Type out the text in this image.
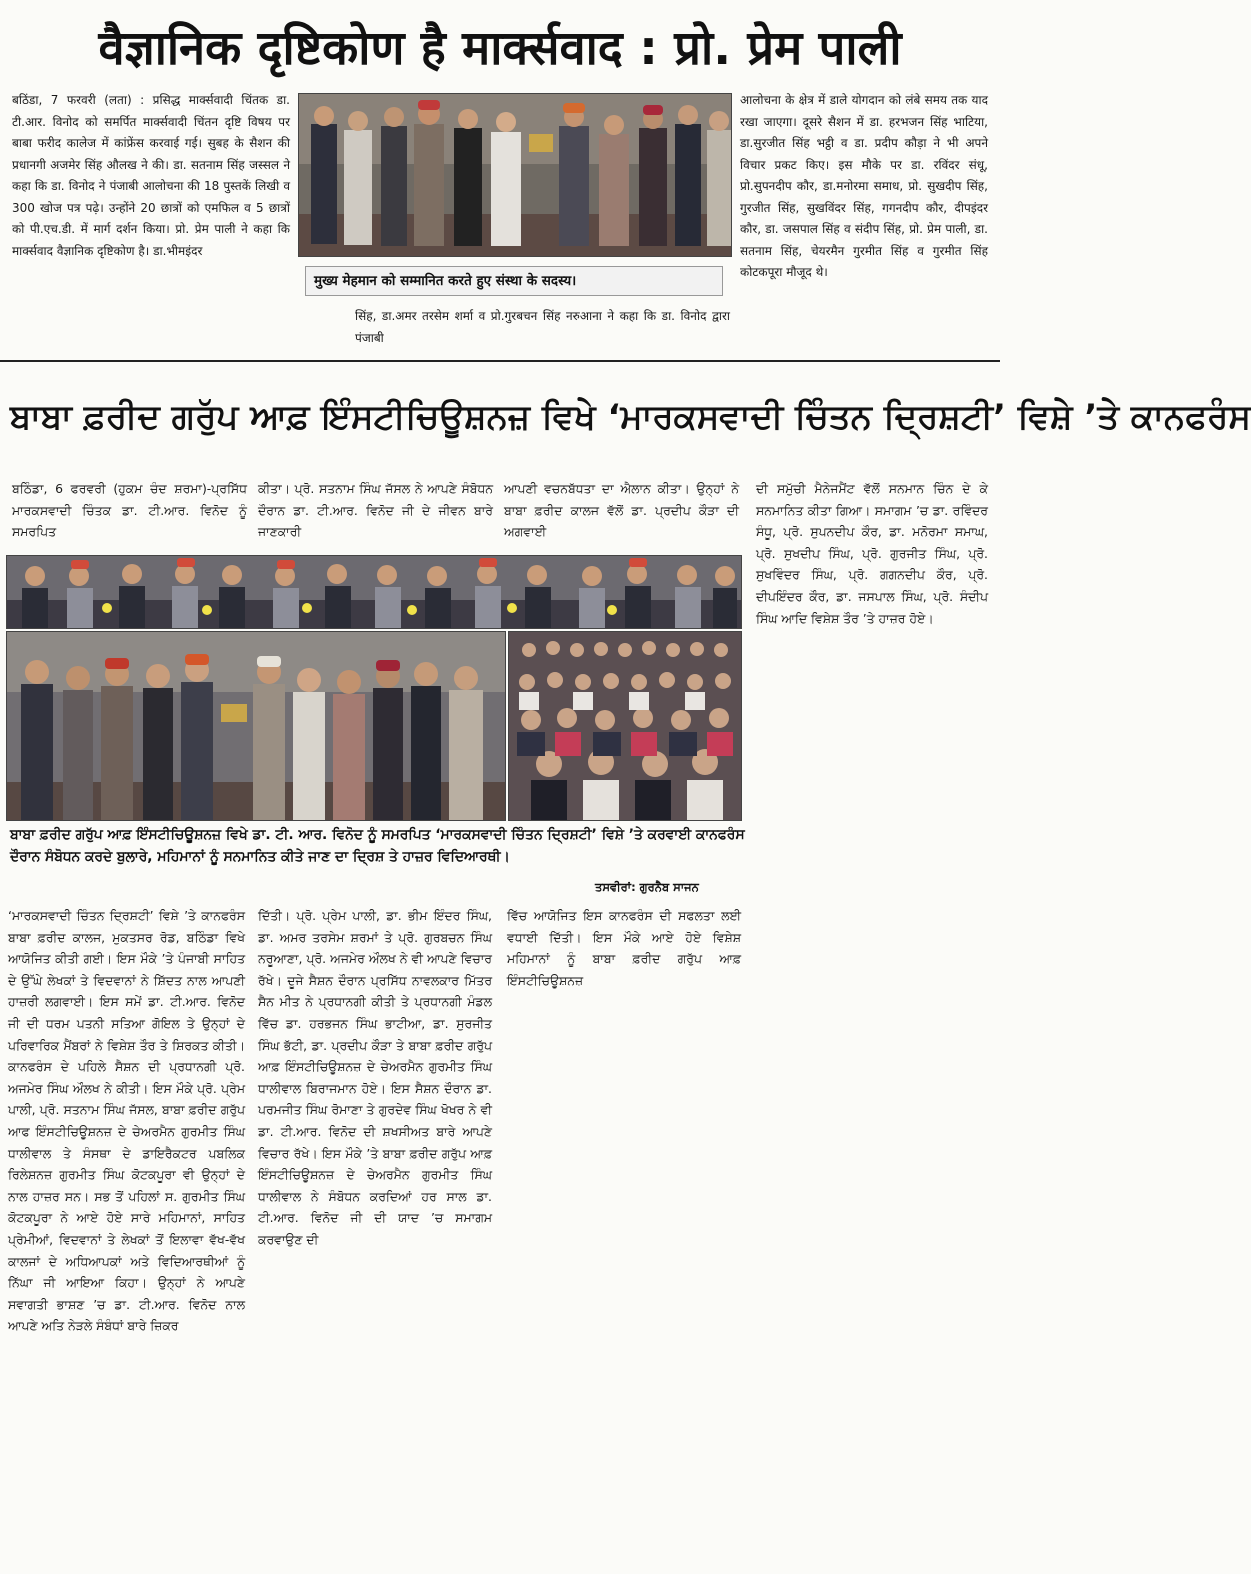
वैज्ञानिक दृष्टिकोण है मार्क्सवाद : प्रो. प्रेम पाली
बठिंडा, 7 फरवरी (लता) : प्रसिद्ध मार्क्सवादी चिंतक डा. टी.आर. विनोद को समर्पित मार्क्सवादी चिंतन दृष्टि विषय पर बाबा फरीद कालेज में कांफ्रेंस करवाई गई। सुबह के सैशन की प्रधानगी अजमेर सिंह औलख ने की। डा. सतनाम सिंह जस्सल ने कहा कि डा. विनोद ने पंजाबी आलोचना की 18 पुस्तकें लिखी व 300 खोज पत्र पढ़े। उन्होंने 20 छात्रों को एमफिल व 5 छात्रों को पी.एच.डी. में मार्ग दर्शन किया। प्रो. प्रेम पाली ने कहा कि मार्क्सवाद वैज्ञानिक दृष्टिकोण है। डा.भीमइंदर
मुख्य मेहमान को सम्मानित करते हुए संस्था के सदस्य।
सिंह, डा.अमर तरसेम शर्मा व प्रो.गुरबचन सिंह नरुआना ने कहा कि डा. विनोद द्वारा पंजाबी
आलोचना के क्षेत्र में डाले योगदान को लंबे समय तक याद रखा जाएगा। दूसरे सैशन में डा. हरभजन सिंह भाटिया, डा.सुरजीत सिंह भट्ठी व डा. प्रदीप कौड़ा ने भी अपने विचार प्रकट किए। इस मौके पर डा. रविंदर संधू, प्रो.सुपनदीप कौर, डा.मनोरमा समाध, प्रो. सुखदीप सिंह, गुरजीत सिंह, सुखविंदर सिंह, गगनदीप कौर, दीपइंदर कौर, डा. जसपाल सिंह व संदीप सिंह, प्रो. प्रेम पाली, डा. सतनाम सिंह, चेयरमैन गुरमीत सिंह व गुरमीत सिंह कोटकपूरा मौजूद थे।
ਬਾਬਾ ਫ਼ਰੀਦ ਗਰੁੱਪ ਆਫ਼ ਇੰਸਟੀਚਿਊਸ਼ਨਜ਼ ਵਿਖੇ ‘ਮਾਰਕਸਵਾਦੀ ਚਿੰਤਨ ਦ੍ਰਿਸ਼ਟੀ’ ਵਿਸ਼ੇ ’ਤੇ ਕਾਨਫਰੰਸ
ਬਠਿੰਡਾ, 6 ਫਰਵਰੀ (ਹੁਕਮ ਚੰਦ ਸ਼ਰਮਾ)-ਪ੍ਰਸਿੱਧ ਮਾਰਕਸਵਾਦੀ ਚਿੰਤਕ ਡਾ. ਟੀ.ਆਰ. ਵਿਨੋਦ ਨੂੰ ਸਮਰਪਿਤ
ਕੀਤਾ। ਪ੍ਰੋ. ਸਤਨਾਮ ਸਿੰਘ ਜੱਸਲ ਨੇ ਆਪਣੇ ਸੰਬੋਧਨ ਦੌਰਾਨ ਡਾ. ਟੀ.ਆਰ. ਵਿਨੋਦ ਜੀ ਦੇ ਜੀਵਨ ਬਾਰੇ ਜਾਣਕਾਰੀ
ਆਪਣੀ ਵਚਨਬੱਧਤਾ ਦਾ ਐਲਾਨ ਕੀਤਾ। ਉਨ੍ਹਾਂ ਨੇ ਬਾਬਾ ਫ਼ਰੀਦ ਕਾਲਜ ਵੱਲੋਂ ਡਾ. ਪ੍ਰਦੀਪ ਕੌੜਾ ਦੀ ਅਗਵਾਈ
ਦੀ ਸਮੁੱਚੀ ਮੈਨੇਜਮੈਂਟ ਵੱਲੋਂ ਸਨਮਾਨ ਚਿੰਨ ਦੇ ਕੇ ਸਨਮਾਨਿਤ ਕੀਤਾ ਗਿਆ। ਸਮਾਗਮ ’ਚ ਡਾ. ਰਵਿੰਦਰ ਸੰਧੂ, ਪ੍ਰੋ. ਸੁਪਨਦੀਪ ਕੌਰ, ਡਾ. ਮਨੋਰਮਾ ਸਮਾਘ, ਪ੍ਰੋ. ਸੁਖਦੀਪ ਸਿੰਘ, ਪ੍ਰੋ. ਗੁਰਜੀਤ ਸਿੰਘ, ਪ੍ਰੋ. ਸੁਖਵਿੰਦਰ ਸਿੰਘ, ਪ੍ਰੋ. ਗਗਨਦੀਪ ਕੌਰ, ਪ੍ਰੋ. ਦੀਪਇੰਦਰ ਕੌਰ, ਡਾ. ਜਸਪਾਲ ਸਿੰਘ, ਪ੍ਰੋ. ਸੰਦੀਪ ਸਿੰਘ ਆਦਿ ਵਿਸ਼ੇਸ਼ ਤੌਰ ’ਤੇ ਹਾਜ਼ਰ ਹੋਏ।
ਬਾਬਾ ਫ਼ਰੀਦ ਗਰੁੱਪ ਆਫ਼ ਇੰਸਟੀਚਿਊਸ਼ਨਜ਼ ਵਿਖੇ ਡਾ. ਟੀ. ਆਰ. ਵਿਨੋਦ ਨੂੰ ਸਮਰਪਿਤ ‘ਮਾਰਕਸਵਾਦੀ ਚਿੰਤਨ ਦ੍ਰਿਸ਼ਟੀ’ ਵਿਸ਼ੇ ’ਤੇ ਕਰਵਾਈ ਕਾਨਫਰੰਸ ਦੌਰਾਨ ਸੰਬੋਧਨ ਕਰਦੇ ਬੁਲਾਰੇ, ਮਹਿਮਾਨਾਂ ਨੂੰ ਸਨਮਾਨਿਤ ਕੀਤੇ ਜਾਣ ਦਾ ਦ੍ਰਿਸ਼ ਤੇ ਹਾਜ਼ਰ ਵਿਦਿਆਰਥੀ।
ਤਸਵੀਰਾਂ: ਗੁਰਨੈਬ ਸਾਜਨ
‘ਮਾਰਕਸਵਾਦੀ ਚਿੰਤਨ ਦ੍ਰਿਸ਼ਟੀ’ ਵਿਸ਼ੇ ’ਤੇ ਕਾਨਫਰੰਸ ਬਾਬਾ ਫ਼ਰੀਦ ਕਾਲਜ, ਮੁਕਤਸਰ ਰੋਡ, ਬਠਿੰਡਾ ਵਿਖੇ ਆਯੋਜਿਤ ਕੀਤੀ ਗਈ। ਇਸ ਮੌਕੇ ’ਤੇ ਪੰਜਾਬੀ ਸਾਹਿਤ ਦੇ ਉੱਘੇ ਲੇਖਕਾਂ ਤੇ ਵਿਦਵਾਨਾਂ ਨੇ ਸ਼ਿੱਦਤ ਨਾਲ ਆਪਣੀ ਹਾਜ਼ਰੀ ਲਗਵਾਈ। ਇਸ ਸਮੇਂ ਡਾ. ਟੀ.ਆਰ. ਵਿਨੋਦ ਜੀ ਦੀ ਧਰਮ ਪਤਨੀ ਸਤਿਆ ਗੋਇਲ ਤੇ ਉਨ੍ਹਾਂ ਦੇ ਪਰਿਵਾਰਿਕ ਮੈਂਬਰਾਂ ਨੇ ਵਿਸ਼ੇਸ਼ ਤੌਰ ਤੇ ਸ਼ਿਰਕਤ ਕੀਤੀ। ਕਾਨਫਰੰਸ ਦੇ ਪਹਿਲੇ ਸੈਸ਼ਨ ਦੀ ਪ੍ਰਧਾਨਗੀ ਪ੍ਰੋ. ਅਜਮੇਰ ਸਿੰਘ ਔਲਖ ਨੇ ਕੀਤੀ। ਇਸ ਮੌਕੇ ਪ੍ਰੋ. ਪ੍ਰੇਮ ਪਾਲੀ, ਪ੍ਰੋ. ਸਤਨਾਮ ਸਿੰਘ ਜੱਸਲ, ਬਾਬਾ ਫ਼ਰੀਦ ਗਰੁੱਪ ਆਫ ਇੰਸਟੀਚਿਊਸ਼ਨਜ਼ ਦੇ ਚੇਅਰਮੈਨ ਗੁਰਮੀਤ ਸਿੰਘ ਧਾਲੀਵਾਲ ਤੇ ਸੰਸਥਾ ਦੇ ਡਾਇਰੈਕਟਰ ਪਬਲਿਕ ਰਿਲੇਸ਼ਨਜ਼ ਗੁਰਮੀਤ ਸਿੰਘ ਕੋਟਕਪੂਰਾ ਵੀ ਉਨ੍ਹਾਂ ਦੇ ਨਾਲ ਹਾਜ਼ਰ ਸਨ। ਸਭ ਤੋਂ ਪਹਿਲਾਂ ਸ. ਗੁਰਮੀਤ ਸਿੰਘ ਕੋਟਕਪੂਰਾ ਨੇ ਆਏ ਹੋਏ ਸਾਰੇ ਮਹਿਮਾਨਾਂ, ਸਾਹਿਤ ਪ੍ਰੇਮੀਆਂ, ਵਿਦਵਾਨਾਂ ਤੇ ਲੇਖਕਾਂ ਤੋਂ ਇਲਾਵਾ ਵੱਖ-ਵੱਖ ਕਾਲਜਾਂ ਦੇ ਅਧਿਆਪਕਾਂ ਅਤੇ ਵਿਦਿਆਰਥੀਆਂ ਨੂੰ ਨਿੱਘਾ ਜੀ ਆਇਆ ਕਿਹਾ। ਉਨ੍ਹਾਂ ਨੇ ਆਪਣੇ ਸਵਾਗਤੀ ਭਾਸ਼ਣ ’ਚ ਡਾ. ਟੀ.ਆਰ. ਵਿਨੋਦ ਨਾਲ ਆਪਣੇ ਅਤਿ ਨੇੜਲੇ ਸੰਬੰਧਾਂ ਬਾਰੇ ਜ਼ਿਕਰ
ਦਿੱਤੀ। ਪ੍ਰੋ. ਪ੍ਰੇਮ ਪਾਲੀ, ਡਾ. ਭੀਮ ਇੰਦਰ ਸਿੰਘ, ਡਾ. ਅਮਰ ਤਰਸੇਮ ਸ਼ਰਮਾਂ ਤੇ ਪ੍ਰੋ. ਗੁਰਬਚਨ ਸਿੰਘ ਨਰੂਆਣਾ, ਪ੍ਰੋ. ਅਜਮੇਰ ਔਲਖ ਨੇ ਵੀ ਆਪਣੇ ਵਿਚਾਰ ਰੱਖੇ। ਦੂਜੇ ਸੈਸ਼ਨ ਦੌਰਾਨ ਪ੍ਰਸਿੱਧ ਨਾਵਲਕਾਰ ਮਿੱਤਰ ਸੈਨ ਮੀਤ ਨੇ ਪ੍ਰਧਾਨਗੀ ਕੀਤੀ ਤੇ ਪ੍ਰਧਾਨਗੀ ਮੰਡਲ ਵਿੱਚ ਡਾ. ਹਰਭਜਨ ਸਿੰਘ ਭਾਟੀਆ, ਡਾ. ਸੁਰਜੀਤ ਸਿੰਘ ਭੱਟੀ, ਡਾ. ਪ੍ਰਦੀਪ ਕੌੜਾ ਤੇ ਬਾਬਾ ਫ਼ਰੀਦ ਗਰੁੱਪ ਆਫ਼ ਇੰਸਟੀਚਿਊਸ਼ਨਜ਼ ਦੇ ਚੇਅਰਮੈਨ ਗੁਰਮੀਤ ਸਿੰਘ ਧਾਲੀਵਾਲ ਬਿਰਾਜਮਾਨ ਹੋਏ। ਇਸ ਸੈਸ਼ਨ ਦੌਰਾਨ ਡਾ. ਪਰਮਜੀਤ ਸਿੰਘ ਰੋਮਾਣਾ ਤੇ ਗੁਰਦੇਵ ਸਿੰਘ ਖੋਖਰ ਨੇ ਵੀ ਡਾ. ਟੀ.ਆਰ. ਵਿਨੋਦ ਦੀ ਸ਼ਖਸੀਅਤ ਬਾਰੇ ਆਪਣੇ ਵਿਚਾਰ ਰੱਖੇ। ਇਸ ਮੌਕੇ ’ਤੇ ਬਾਬਾ ਫ਼ਰੀਦ ਗਰੁੱਪ ਆਫ਼ ਇੰਸਟੀਚਿਊਸ਼ਨਜ਼ ਦੇ ਚੇਅਰਮੈਨ ਗੁਰਮੀਤ ਸਿੰਘ ਧਾਲੀਵਾਲ ਨੇ ਸੰਬੋਧਨ ਕਰਦਿਆਂ ਹਰ ਸਾਲ ਡਾ. ਟੀ.ਆਰ. ਵਿਨੋਦ ਜੀ ਦੀ ਯਾਦ ’ਚ ਸਮਾਗਮ ਕਰਵਾਉਣ ਦੀ
ਵਿੱਚ ਆਯੋਜਿਤ ਇਸ ਕਾਨਫਰੰਸ ਦੀ ਸਫਲਤਾ ਲਈ ਵਧਾਈ ਦਿੱਤੀ। ਇਸ ਮੌਕੇ ਆਏ ਹੋਏ ਵਿਸ਼ੇਸ਼ ਮਹਿਮਾਨਾਂ ਨੂੰ ਬਾਬਾ ਫ਼ਰੀਦ ਗਰੁੱਪ ਆਫ਼ ਇੰਸਟੀਚਿਊਸ਼ਨਜ਼
